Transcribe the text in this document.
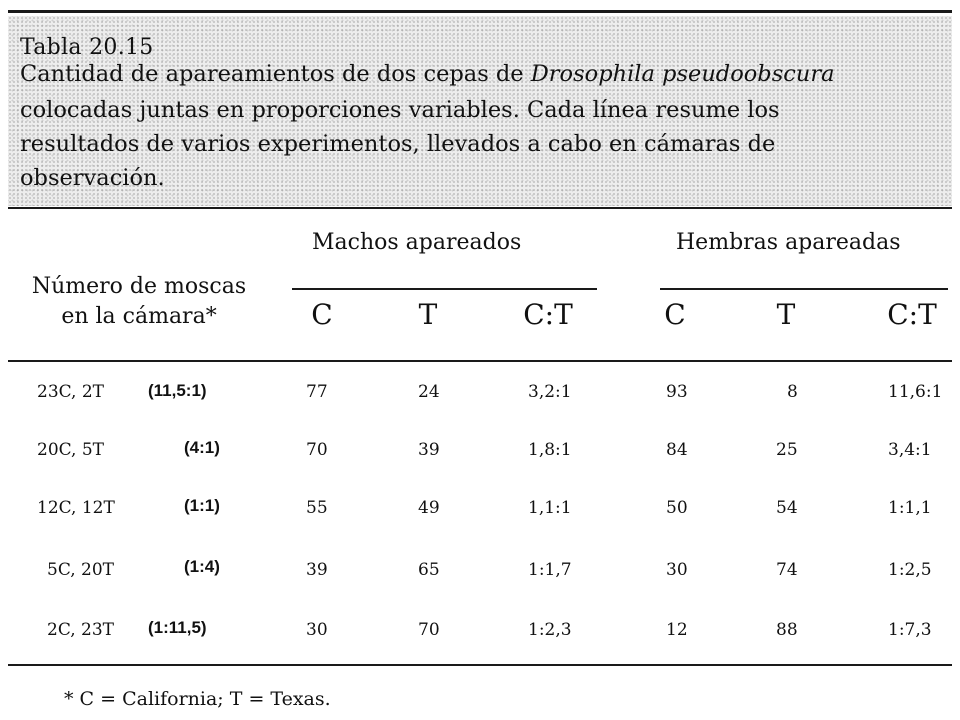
Tabla 20.15
Cantidad de apareamientos de dos cepas de Drosophila pseudoobscura
colocadas juntas en proporciones variables. Cada línea resume los
resultados de varios experimentos, llevados a cabo en cámaras de
observación.
Machos apareados	Hembras apareadas
Número de moscas
en la cámara*	C	T	C:T	C	T	C:T
23C, 2T	(11,5:1)	77	24	3,2:1	93	8	11,6:1
20C, 5T	(4:1)	70	39	1,8:1	84	25	3,4:1
12C, 12T	(1:1)	55	49	1,1:1	50	54	1:1,1
5C, 20T	(1:4)	39	65	1:1,7	30	74	1:2,5
2C, 23T (1:11,5)	30	70	1:2,3	12	88	1:7,3
* C = California; T = Texas.
